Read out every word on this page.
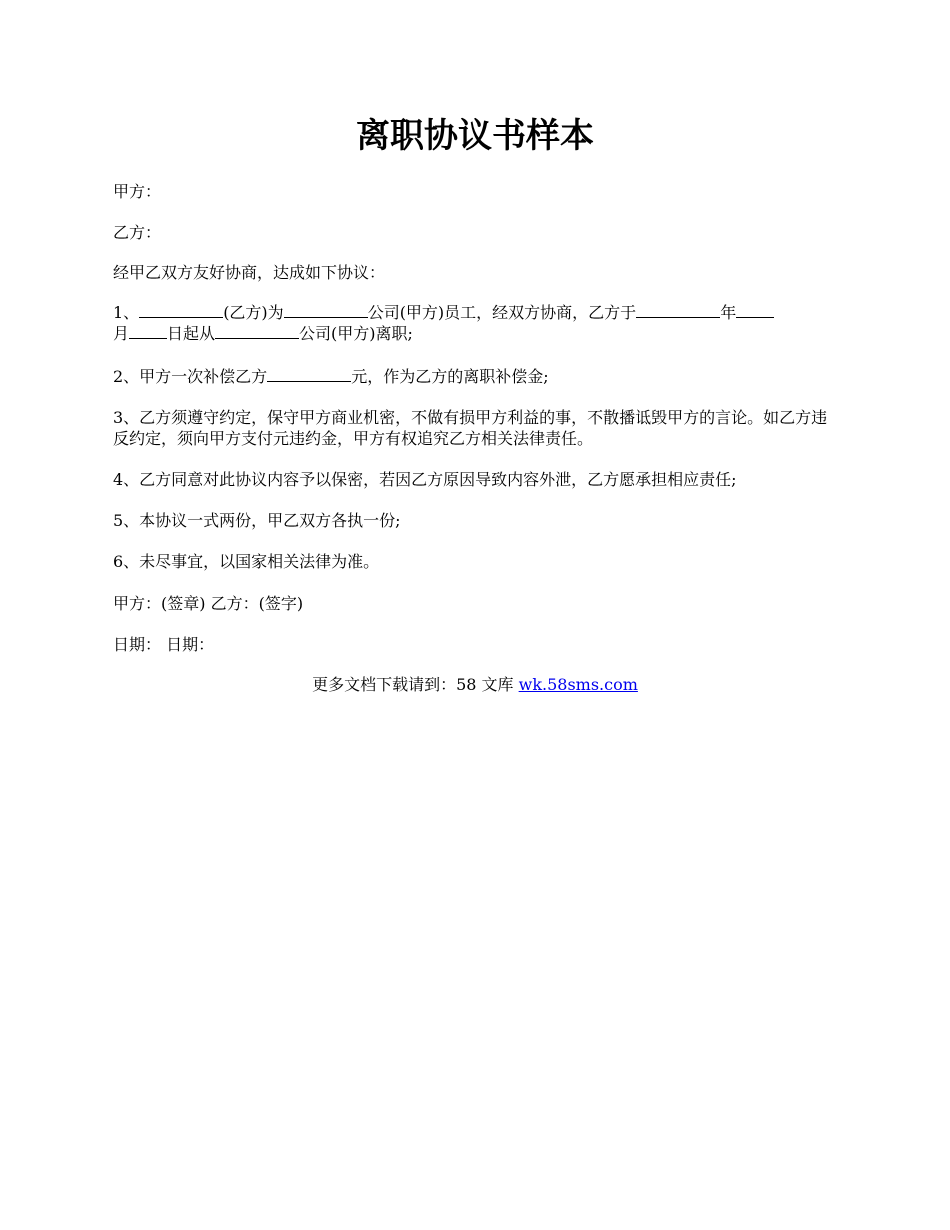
离职协议书样本

甲方：

乙方：

经甲乙双方友好协商，达成如下协议：

1、	(乙方)为	公司(甲方)员工，经双方协商，乙方于	年
月 日起从	公司(甲方)离职;

2、甲方一次补偿乙方	元，作为乙方的离职补偿金;

3、乙方须遵守约定，保守甲方商业机密，不做有损甲方利益的事，不散播诋毁甲方的言论。如乙方违反约定，须向甲方支付元违约金，甲方有权追究乙方相关法律责任。

4、乙方同意对此协议内容予以保密，若因乙方原因导致内容外泄，乙方愿承担相应责任;

5、本协议一式两份，甲乙双方各执一份;

6、未尽事宜，以国家相关法律为准。

甲方：(签章) 乙方：(签字)

日期： 日期：

更多文档下载请到：58 文库 wk.58sms.com
